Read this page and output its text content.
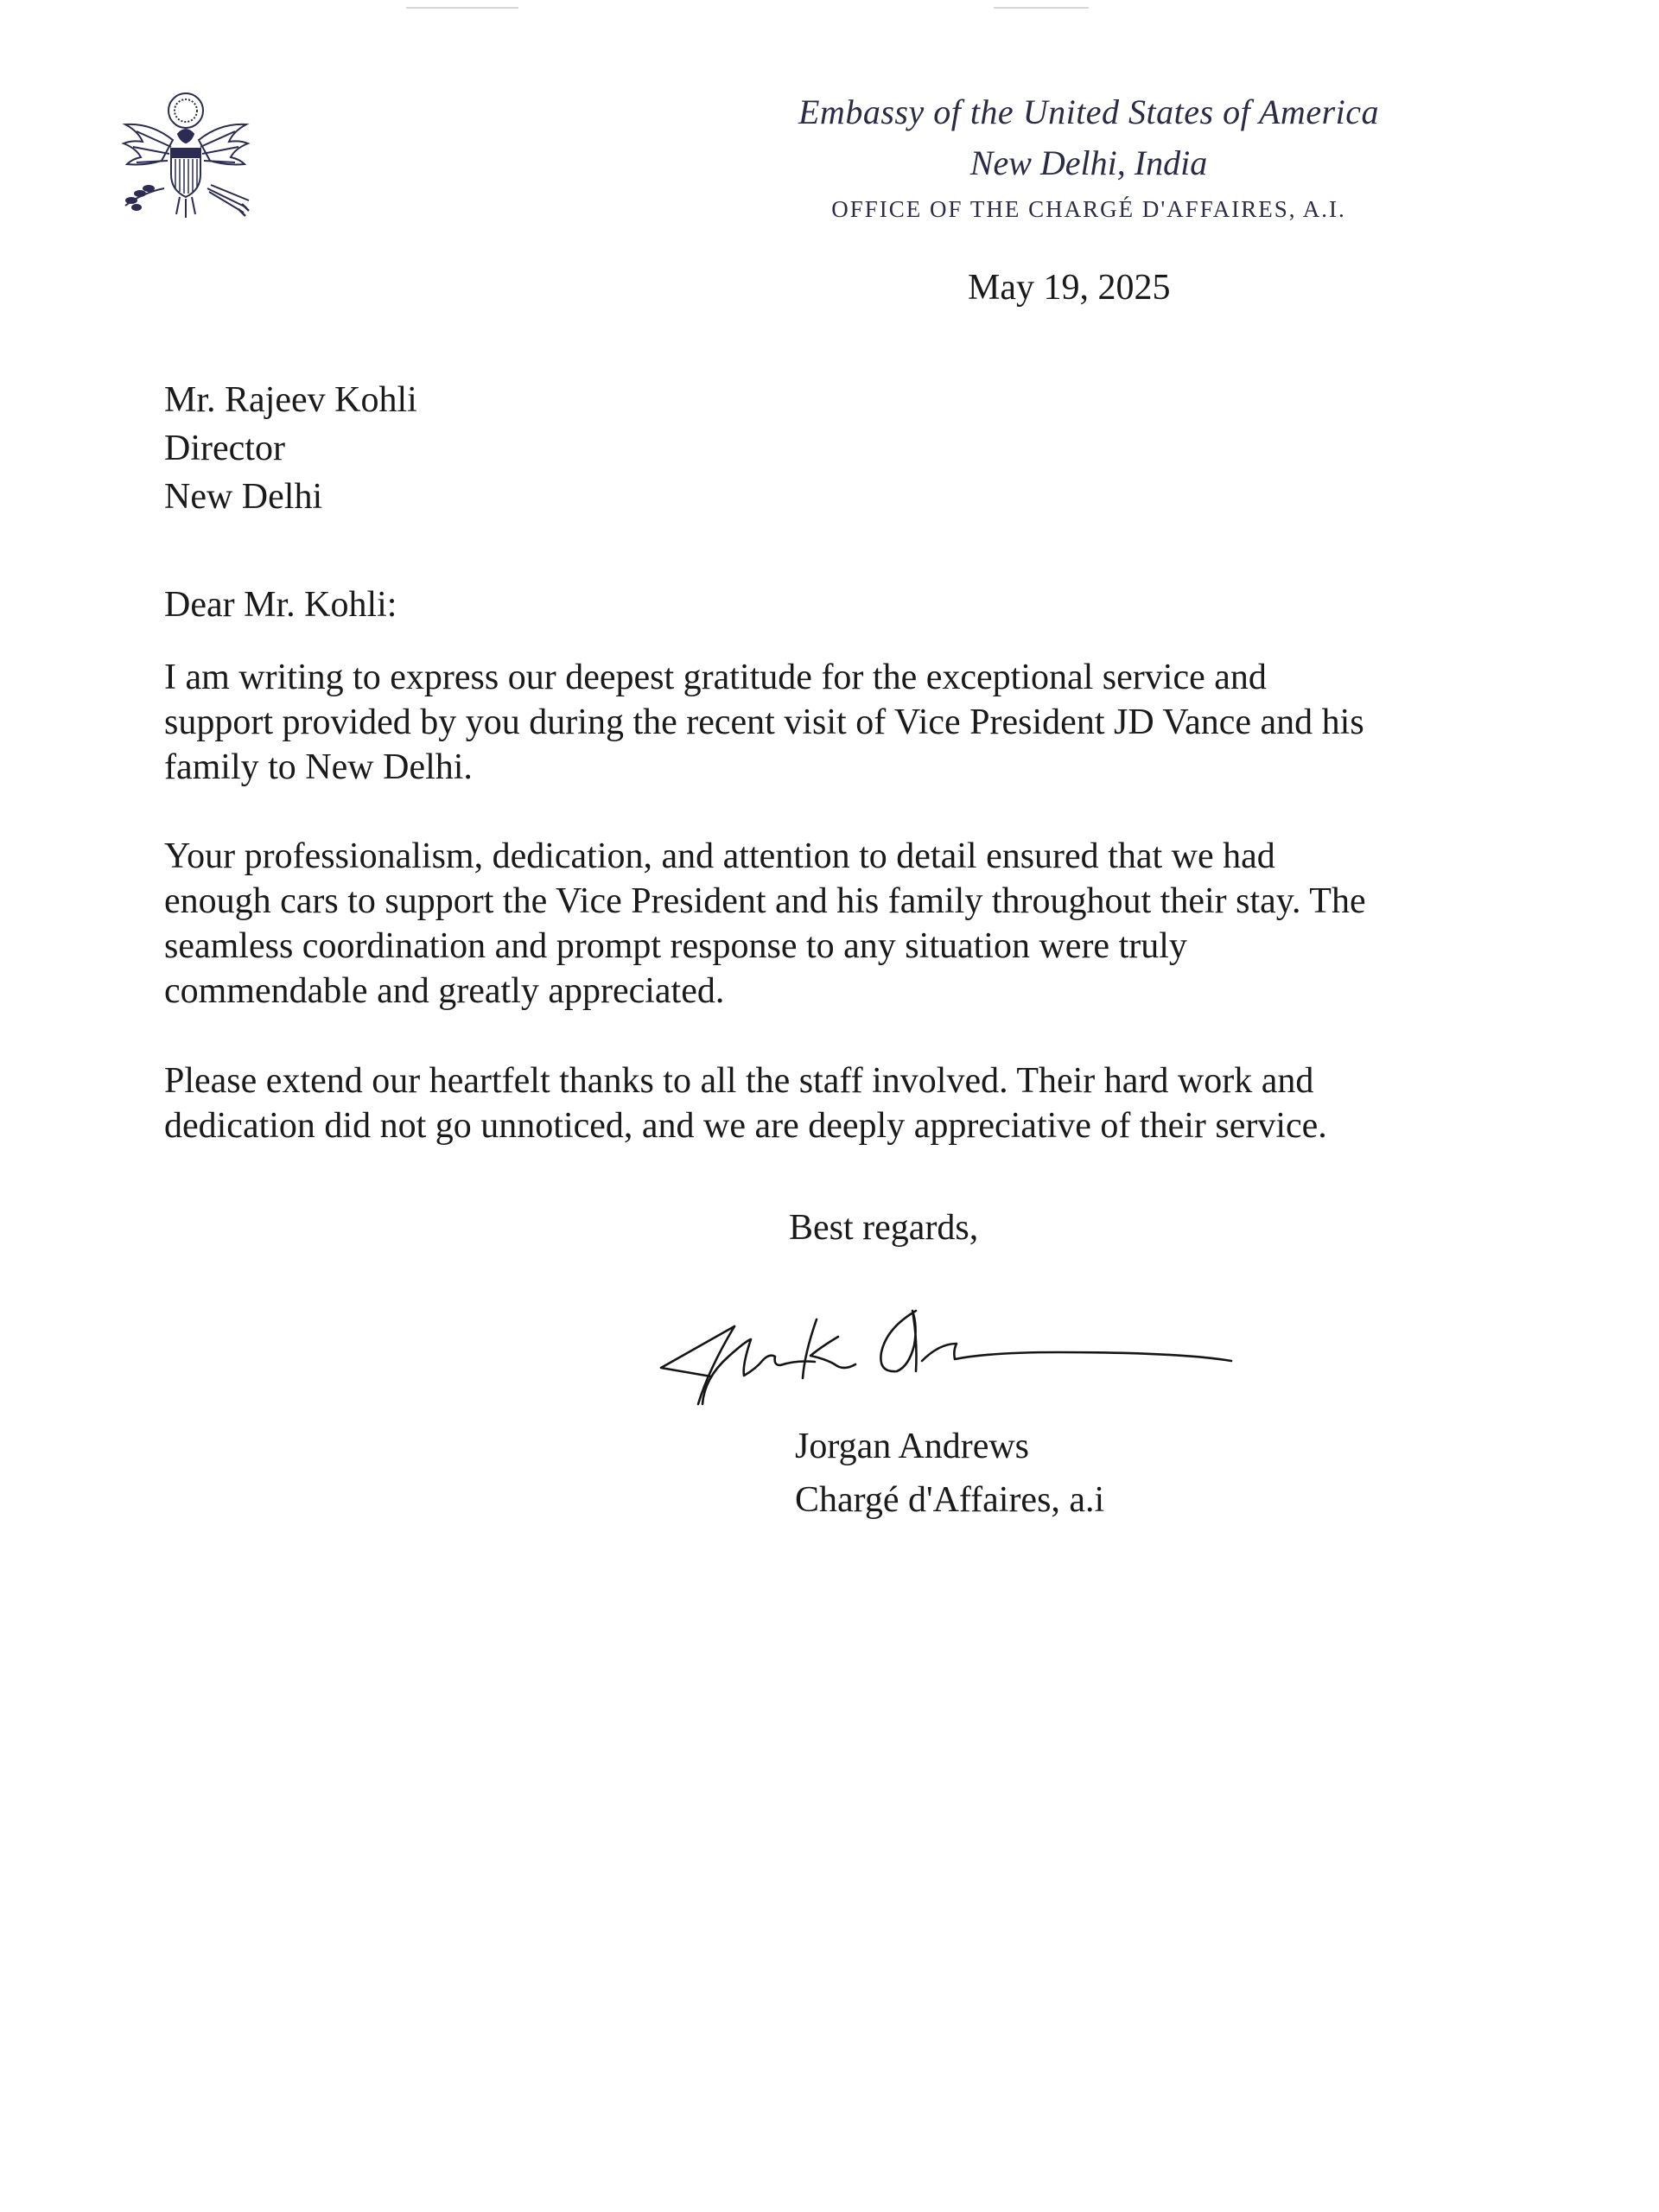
Embassy of the United States of America
New Delhi, India
OFFICE OF THE CHARGÉ D'AFFAIRES, A.I.
May 19, 2025
Mr. Rajeev Kohli
Director
New Delhi
Dear Mr. Kohli:
I am writing to express our deepest gratitude for the exceptional service and
support provided by you during the recent visit of Vice President JD Vance and his
family to New Delhi.
Your professionalism, dedication, and attention to detail ensured that we had
enough cars to support the Vice President and his family throughout their stay. The
seamless coordination and prompt response to any situation were truly
commendable and greatly appreciated.
Please extend our heartfelt thanks to all the staff involved. Their hard work and
dedication did not go unnoticed, and we are deeply appreciative of their service.
Best regards,
Jorgan Andrews
Chargé d'Affaires, a.i
